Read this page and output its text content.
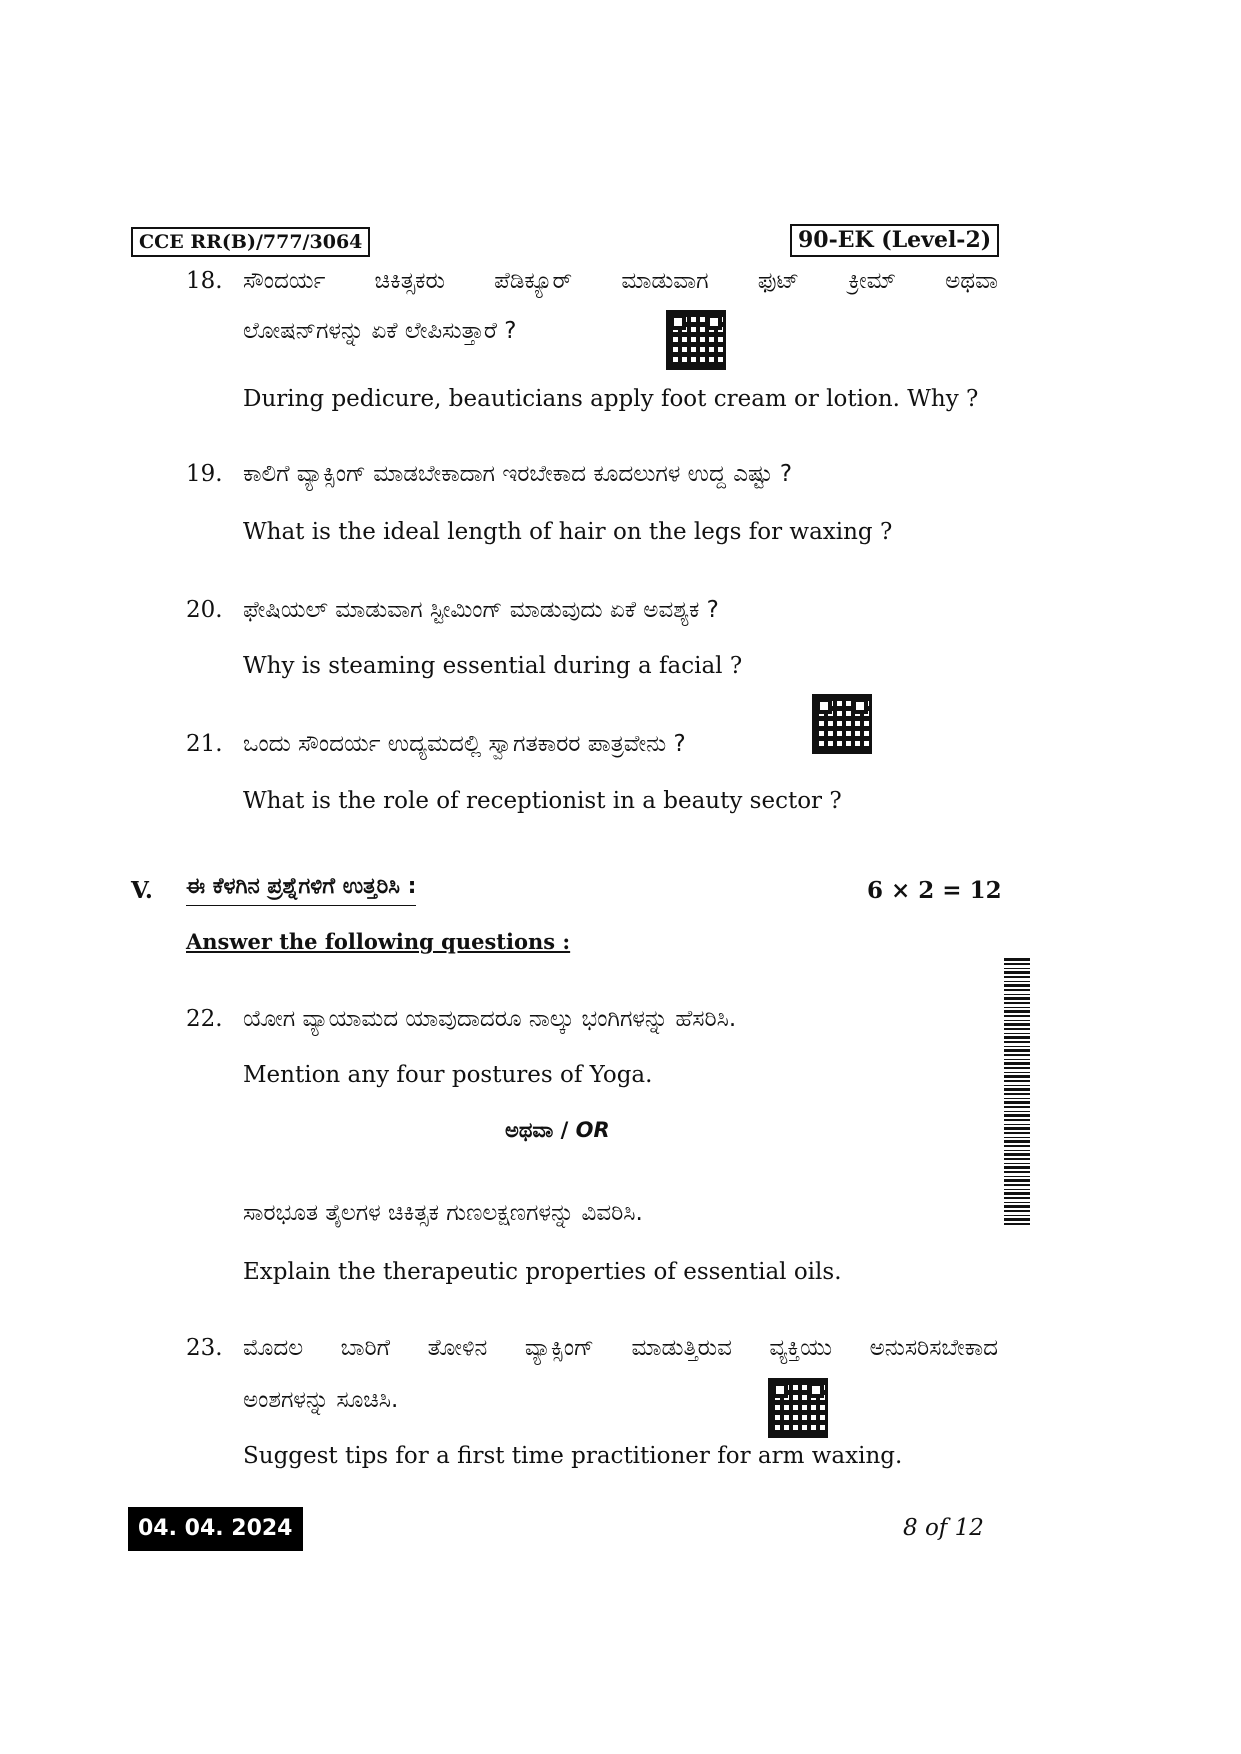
CCE RR(B)/777/3064	90-EK (Level-2)
18. ಸೌಂದರ್ಯ ಚಿಕಿತ್ಸಕರು ಪೆಡಿಕ್ಯೂರ್ ಮಾಡುವಾಗ ಫುಟ್ ಕ್ರೀಮ್ ಅಥವಾ
ಲೋಷನ್‌ಗಳನ್ನು ಏಕೆ ಲೇಪಿಸುತ್ತಾರೆ ?
During pedicure, beauticians apply foot cream or lotion. Why ?
19. ಕಾಲಿಗೆ ವ್ಯಾಕ್ಸಿಂಗ್ ಮಾಡಬೇಕಾದಾಗ ಇರಬೇಕಾದ ಕೂದಲುಗಳ ಉದ್ದ ಎಷ್ಟು ?
What is the ideal length of hair on the legs for waxing ?
20. ಫೇಷಿಯಲ್ ಮಾಡುವಾಗ ಸ್ಟೀಮಿಂಗ್ ಮಾಡುವುದು ಏಕೆ ಅವಶ್ಯಕ ?
Why is steaming essential during a facial ?
21. ಒಂದು ಸೌಂದರ್ಯ ಉದ್ಯಮದಲ್ಲಿ ಸ್ವಾಗತಕಾರರ ಪಾತ್ರವೇನು ?
What is the role of receptionist in a beauty sector ?
V. ಈ ಕೆಳಗಿನ ಪ್ರಶ್ನೆಗಳಿಗೆ ಉತ್ತರಿಸಿ :	6 × 2 = 12
Answer the following questions :
22. ಯೋಗ ವ್ಯಾಯಾಮದ ಯಾವುದಾದರೂ ನಾಲ್ಕು ಭಂಗಿಗಳನ್ನು ಹೆಸರಿಸಿ.
Mention any four postures of Yoga.
ಅಥವಾ / OR
ಸಾರಭೂತ ತೈಲಗಳ ಚಿಕಿತ್ಸಕ ಗುಣಲಕ್ಷಣಗಳನ್ನು ವಿವರಿಸಿ.
Explain the therapeutic properties of essential oils.
23. ಮೊದಲ ಬಾರಿಗೆ ತೋಳಿನ ವ್ಯಾಕ್ಸಿಂಗ್ ಮಾಡುತ್ತಿರುವ ವ್ಯಕ್ತಿಯು ಅನುಸರಿಸಬೇಕಾದ
ಅಂಶಗಳನ್ನು ಸೂಚಿಸಿ.
Suggest tips for a first time practitioner for arm waxing.
04. 04. 2024	8 of 12
